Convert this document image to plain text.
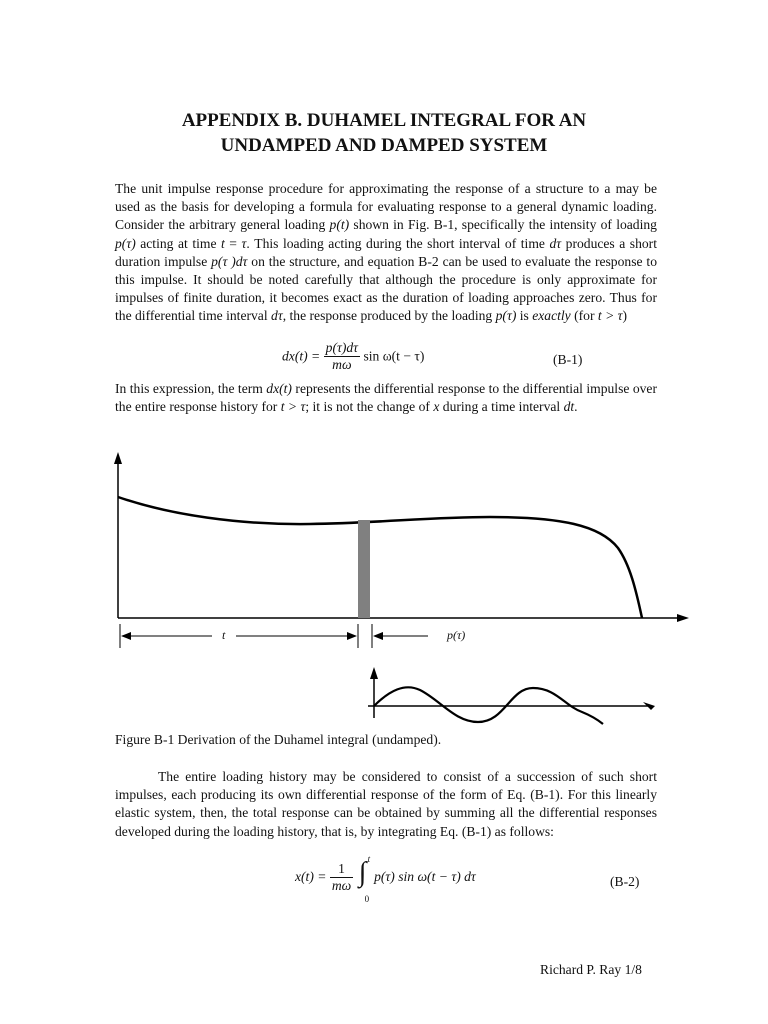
APPENDIX B. DUHAMEL INTEGRAL FOR AN
UNDAMPED AND DAMPED SYSTEM

The unit impulse response procedure for approximating the response of a structure to a may be used as the basis for developing a formula for evaluating response to a general dynamic loading. Consider the arbitrary general loading p(t) shown in Fig. B-1, specifically the intensity of loading p(τ) acting at time t = τ. This loading acting during the short interval of time dτ produces a short duration impulse p(τ )dτ on the structure, and equation B-2 can be used to evaluate the response to this impulse. It should be noted carefully that although the procedure is only approximate for impulses of finite duration, it becomes exact as the duration of loading approaches zero. Thus for the differential time interval dτ, the response produced by the loading p(τ) is exactly (for t > τ)

$dx(t) = \frac{p(\tau)d\tau}{m\omega}$ sin ω(t − τ)	(B-1)

In this expression, the term dx(t) represents the differential response to the differential impulse over the entire response history for t > τ; it is not the change of x during a time interval dt.

t	p(τ)
Figure B-1 Derivation of the Duhamel integral (undamped).

The entire loading history may be considered to consist of a succession of such short impulses, each producing its own differential response of the form of Eq. (B-1). For this linearly elastic system, then, the total response can be obtained by summing all the differential responses developed during the loading history, that is, by integrating Eq. (B-1) as follows:

$x(t) = \frac{1}{m\omega}$
∫ t
0
p(τ) sin ω(t − τ) dτ	(B-2)
Richard P. Ray 1/8
